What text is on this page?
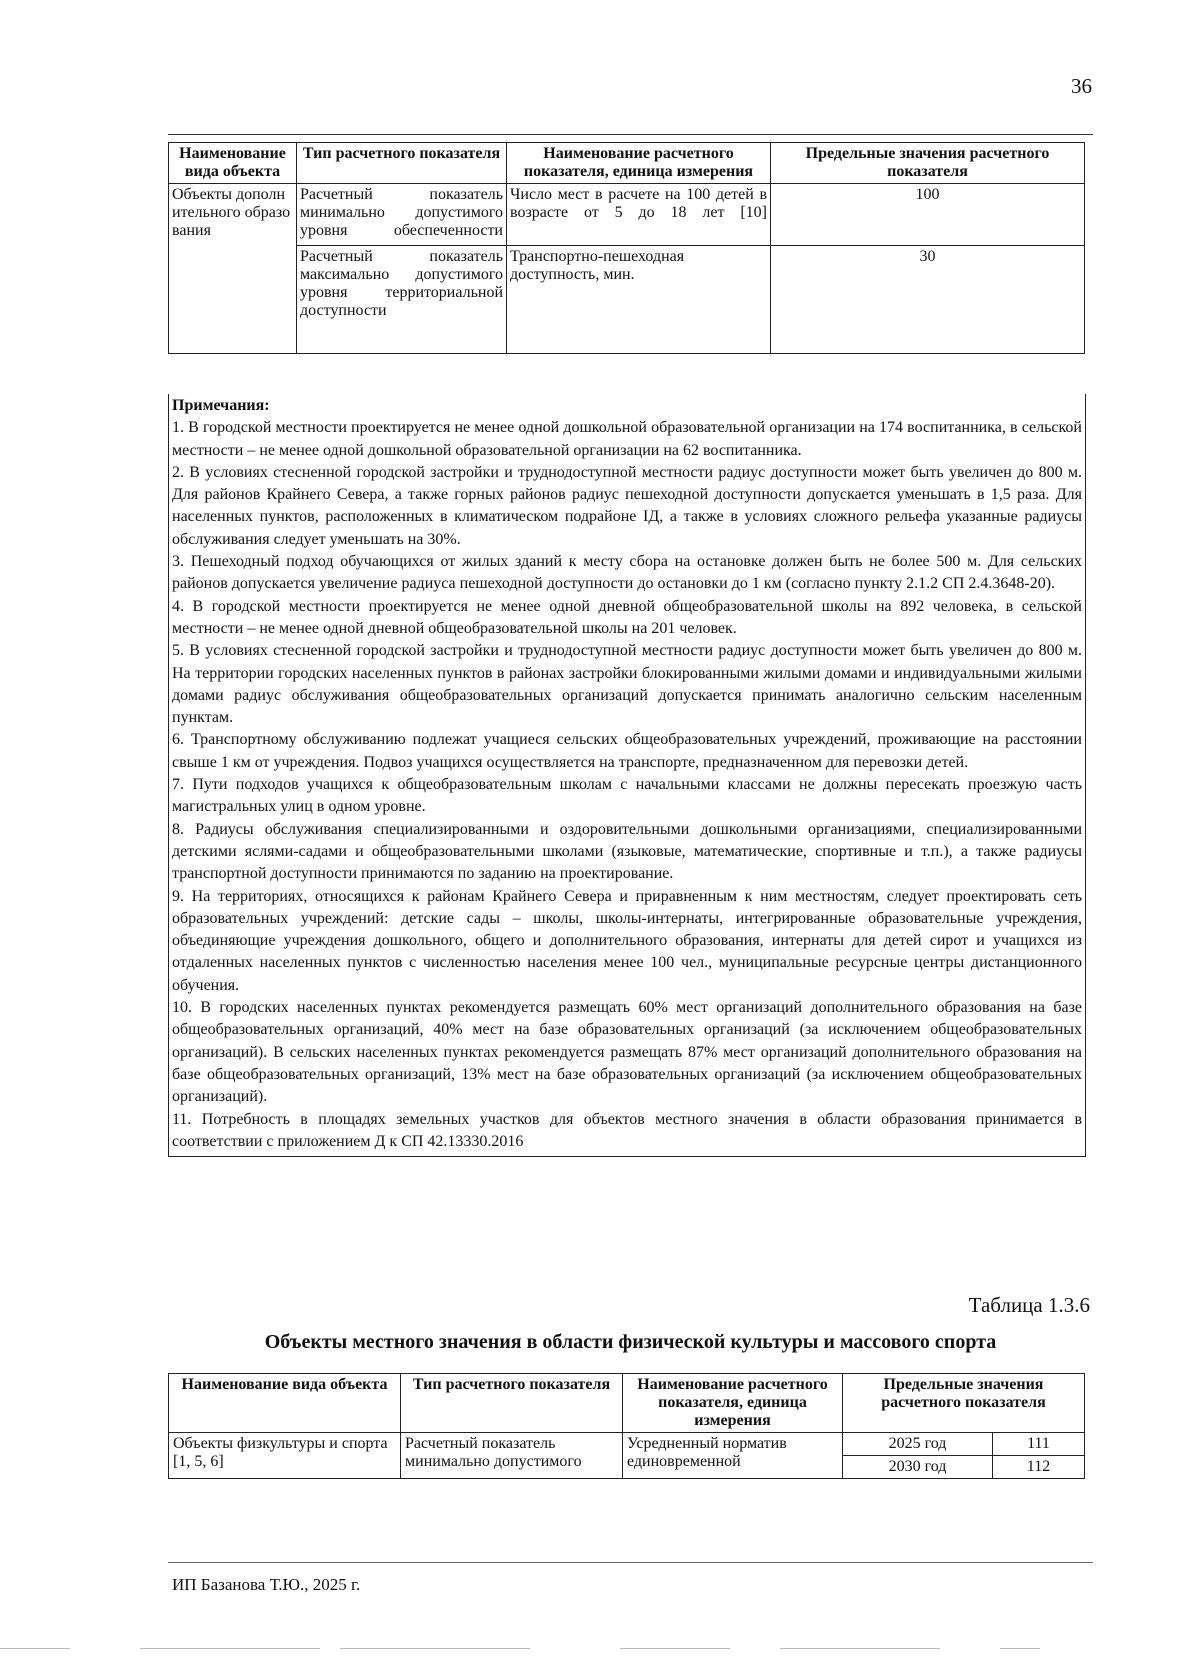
36
Наименование вида объекта	Тип расчетного показателя	Наименование расчетного показателя, единица измерения	Предельные значения расчетного показателя
Объекты дополнительного образования	Расчетный показатель минимально допустимого уровня обеспеченности	Число мест в расчете на 100 детей в возрасте от 5 до 18 лет [10]	100
	Расчетный показатель максимально допустимого уровня территориальной доступности	Транспортно-пешеходная доступность, мин.	30
Примечания:
1. В городской местности проектируется не менее одной дошкольной образовательной организации на 174 воспитанника, в сельской местности – не менее одной дошкольной образовательной организации на 62 воспитанника.
2. В условиях стесненной городской застройки и труднодоступной местности радиус доступности может быть увеличен до 800 м. Для районов Крайнего Севера, а также горных районов радиус пешеходной доступности допускается уменьшать в 1,5 раза. Для населенных пунктов, расположенных в климатическом подрайоне IД, а также в условиях сложного рельефа указанные радиусы обслуживания следует уменьшать на 30%.
3. Пешеходный подход обучающихся от жилых зданий к месту сбора на остановке должен быть не более 500 м. Для сельских районов допускается увеличение радиуса пешеходной доступности до остановки до 1 км (согласно пункту 2.1.2 СП 2.4.3648-20).
4. В городской местности проектируется не менее одной дневной общеобразовательной школы на 892 человека, в сельской местности – не менее одной дневной общеобразовательной школы на 201 человек.
5. В условиях стесненной городской застройки и труднодоступной местности радиус доступности может быть увеличен до 800 м. На территории городских населенных пунктов в районах застройки блокированными жилыми домами и индивидуальными жилыми домами радиус обслуживания общеобразовательных организаций допускается принимать аналогично сельским населенным пунктам.
6. Транспортному обслуживанию подлежат учащиеся сельских общеобразовательных учреждений, проживающие на расстоянии свыше 1 км от учреждения. Подвоз учащихся осуществляется на транспорте, предназначенном для перевозки детей.
7. Пути подходов учащихся к общеобразовательным школам с начальными классами не должны пересекать проезжую часть магистральных улиц в одном уровне.
8. Радиусы обслуживания специализированными и оздоровительными дошкольными организациями, специализированными детскими яслями-садами и общеобразовательными школами (языковые, математические, спортивные и т.п.), а также радиусы транспортной доступности принимаются по заданию на проектирование.
9. На территориях, относящихся к районам Крайнего Севера и приравненным к ним местностям, следует проектировать сеть образовательных учреждений: детские сады – школы, школы-интернаты, интегрированные образовательные учреждения, объединяющие учреждения дошкольного, общего и дополнительного образования, интернаты для детей сирот и учащихся из отдаленных населенных пунктов с численностью населения менее 100 чел., муниципальные ресурсные центры дистанционного обучения.
10. В городских населенных пунктах рекомендуется размещать 60% мест организаций дополнительного образования на базе общеобразовательных организаций, 40% мест на базе образовательных организаций (за исключением общеобразовательных организаций). В сельских населенных пунктах рекомендуется размещать 87% мест организаций дополнительного образования на базе общеобразовательных организаций, 13% мест на базе образовательных организаций (за исключением общеобразовательных организаций).
11. Потребность в площадях земельных участков для объектов местного значения в области образования принимается в соответствии с приложением Д к СП 42.13330.2016
Таблица 1.3.6
Объекты местного значения в области физической культуры и массового спорта
Наименование вида объекта	Тип расчетного показателя	Наименование расчетного показателя, единица измерения	Предельные значения расчетного показателя	
Объекты физкультуры и спорта [1, 5, 6]	Расчетный показатель минимально допустимого	Усредненный норматив единовременной	2025 год	111
			2030 год	112
ИП Базанова Т.Ю., 2025 г.
